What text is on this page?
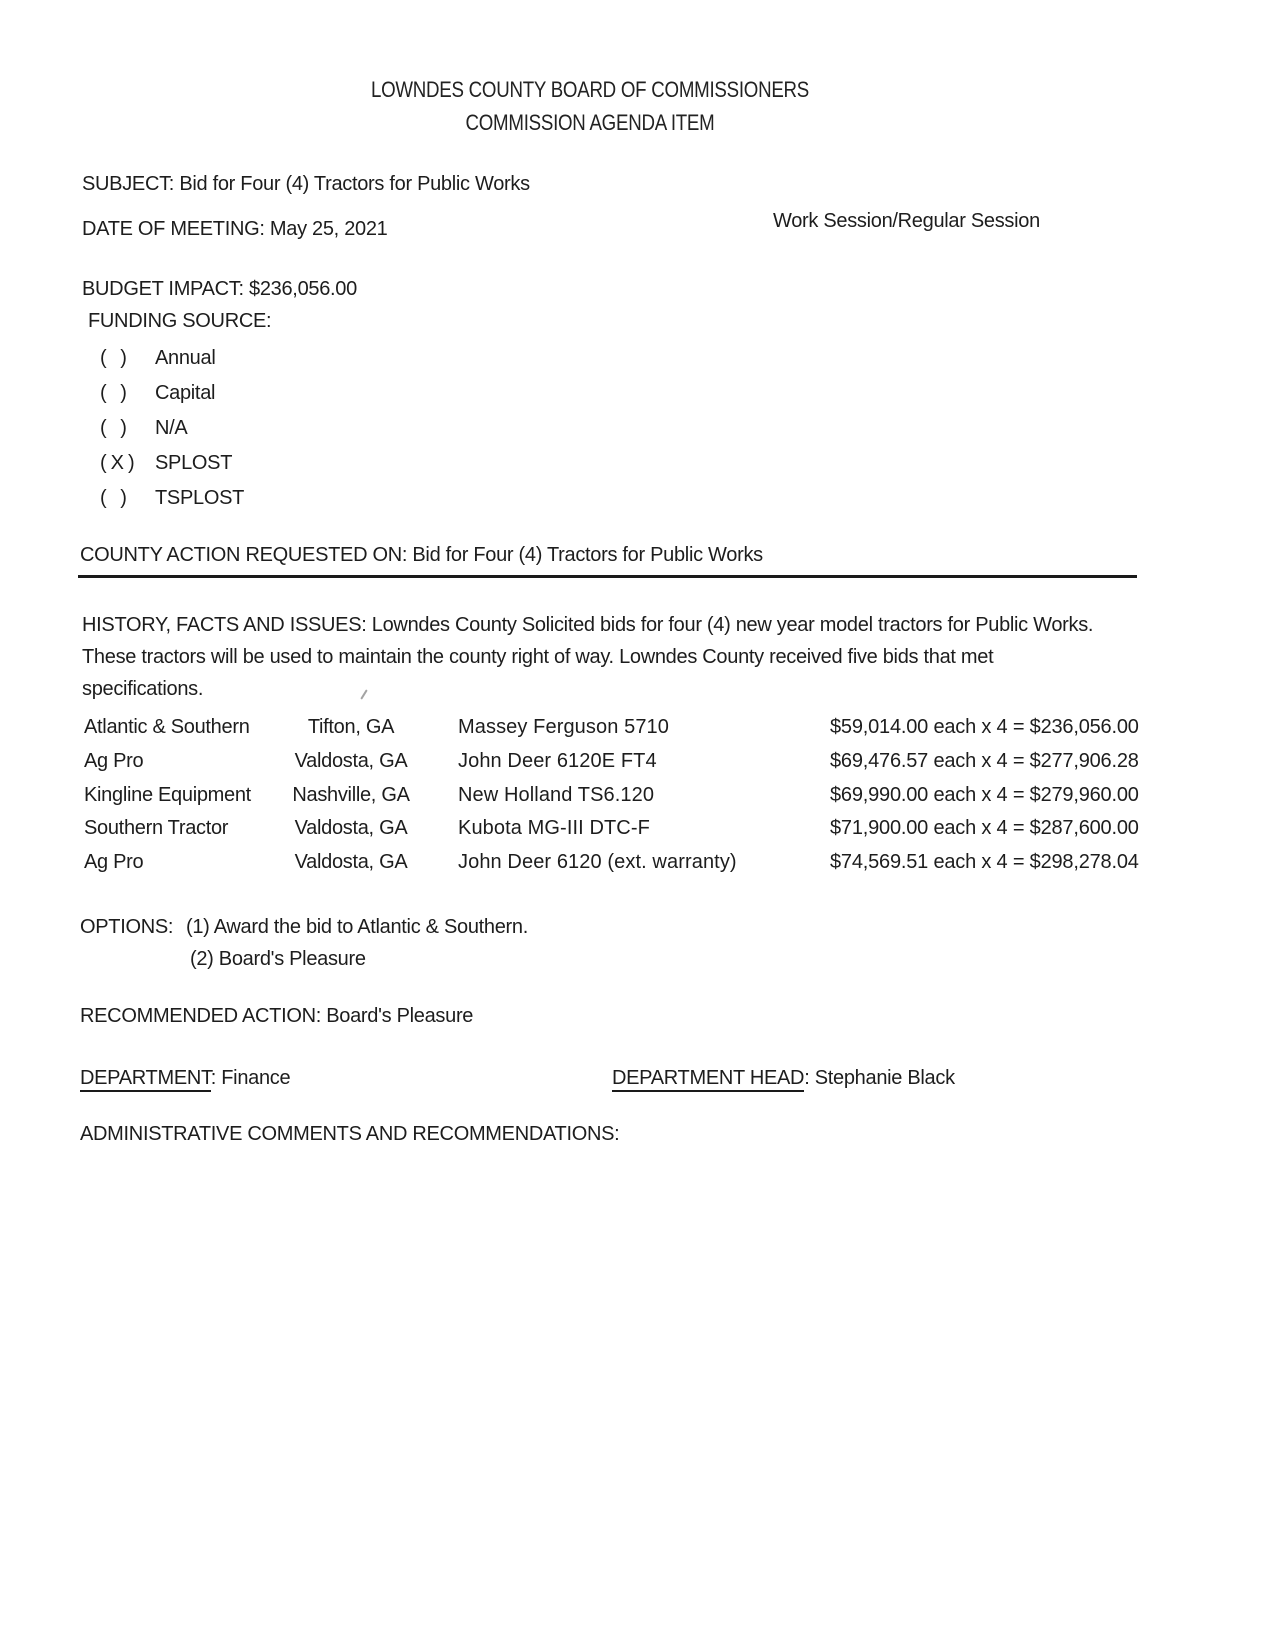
LOWNDES COUNTY BOARD OF COMMISSIONERS
COMMISSION AGENDA ITEM
SUBJECT: Bid for Four (4) Tractors for Public Works
DATE OF MEETING: May 25, 2021	Work Session/Regular Session
BUDGET IMPACT: $236,056.00
FUNDING SOURCE:
( ) Annual
( ) Capital
( ) N/A
(X) SPLOST
( ) TSPLOST
COUNTY ACTION REQUESTED ON: Bid for Four (4) Tractors for Public Works

HISTORY, FACTS AND ISSUES: Lowndes County Solicited bids for four (4) new year model tractors for Public Works. These tractors will be used to maintain the county right of way. Lowndes County received five bids that met specifications.

Atlantic & Southern	Tifton, GA	Massey Ferguson 5710	$59,014.00 each x 4 = $236,056.00
Ag Pro	Valdosta, GA	John Deer 6120E FT4	$69,476.57 each x 4 = $277,906.28
Kingline Equipment	Nashville, GA	New Holland TS6.120	$69,990.00 each x 4 = $279,960.00
Southern Tractor	Valdosta, GA	Kubota MG-III DTC-F	$71,900.00 each x 4 = $287,600.00
Ag Pro	Valdosta, GA	John Deer 6120 (ext. warranty)	$74,569.51 each x 4 = $298,278.04
OPTIONS: (1) Award the bid to Atlantic & Southern.
(2) Board's Pleasure
RECOMMENDED ACTION: Board's Pleasure
DEPARTMENT: Finance	DEPARTMENT HEAD: Stephanie Black
ADMINISTRATIVE COMMENTS AND RECOMMENDATIONS:
